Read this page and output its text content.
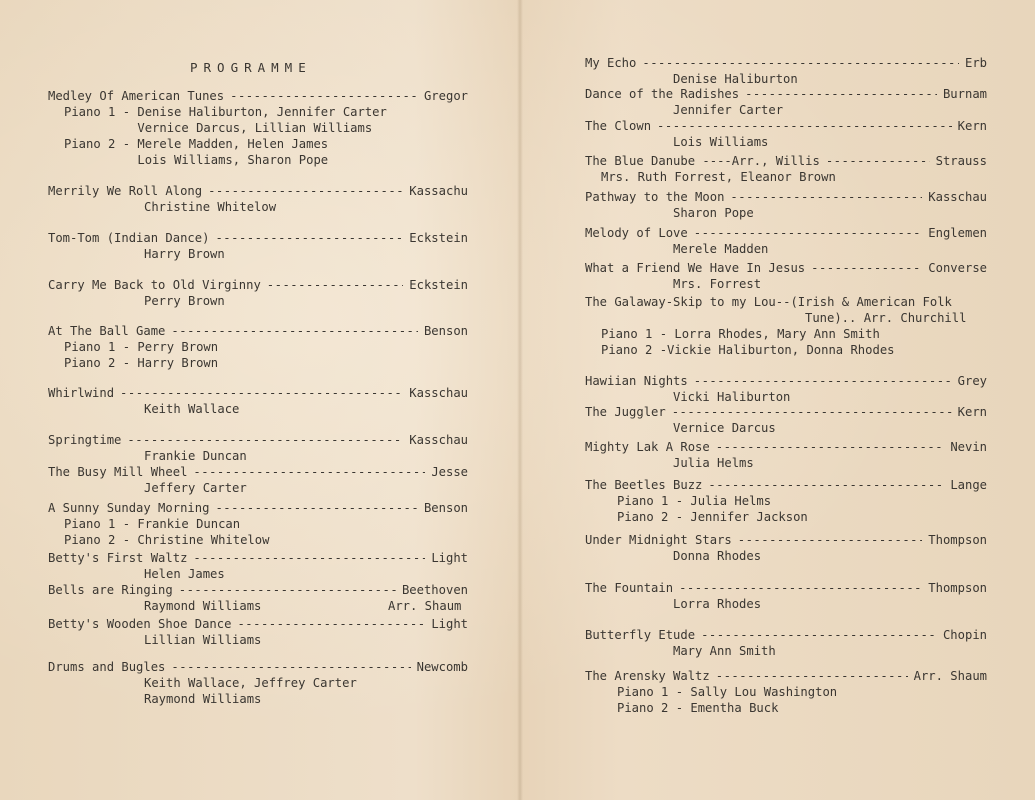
PROGRAMME
Medley Of American Tunes -----	Gregor
Piano 1 - Denise Haliburton, Jennifer Carter
Vernice Darcus, Lillian Williams
Piano 2 - Merele Madden, Helen James
Lois Williams, Sharon Pope
Merrily We Roll Along -----	Kassachu
Christine Whitelow
Tom-Tom (Indian Dance) -----	Eckstein
Harry Brown
Carry Me Back to Old Virginny -----	Eckstein
Perry Brown
At The Ball Game -----	Benson
Piano 1 - Perry Brown
Piano 2 - Harry Brown
Whirlwind -----	Kasschau
Keith Wallace
Springtime -----	Kasschau
Frankie Duncan
The Busy Mill Wheel -----	Jesse
Jeffery Carter
A Sunny Sunday Morning -----	Benson
Piano 1 - Frankie Duncan
Piano 2 - Christine Whitelow
Betty's First Waltz -----	Light
Helen James
Bells are Ringing -----	Beethoven
Raymond Williams	Arr. Shaum
Betty's Wooden Shoe Dance -----	Light
Lillian Williams
Drums and Bugles -----	Newcomb
Keith Wallace, Jeffrey Carter
Raymond Williams
My Echo -----	Erb
Denise Haliburton
Dance of the Radishes -----	Burnam
Jennifer Carter
The Clown -----	Kern
Lois Williams
The Blue Danube ----Arr., Willis -----	Strauss
Mrs. Ruth Forrest, Eleanor Brown
Pathway to the Moon -----	Kasschau
Sharon Pope
Melody of Love -----	Englemen
Merele Madden
What a Friend We Have In Jesus -----	Converse
Mrs. Forrest
The Galaway-Skip to my Lou--(Irish & American Folk
Tune).. Arr. Churchill
Piano 1 - Lorra Rhodes, Mary Ann Smith
Piano 2 -Vickie Haliburton, Donna Rhodes
Hawiian Nights -----	Grey
Vicki Haliburton
The Juggler -----	Kern
Vernice Darcus
Mighty Lak A Rose -----	Nevin
Julia Helms
The Beetles Buzz -----	Lange
Piano 1 - Julia Helms
Piano 2 - Jennifer Jackson
Under Midnight Stars -----	Thompson
Donna Rhodes
The Fountain -----	Thompson
Lorra Rhodes
Butterfly Etude -----	Chopin
Mary Ann Smith
The Arensky Waltz -----	Arr. Shaum
Piano 1 - Sally Lou Washington
Piano 2 - Ementha Buck
